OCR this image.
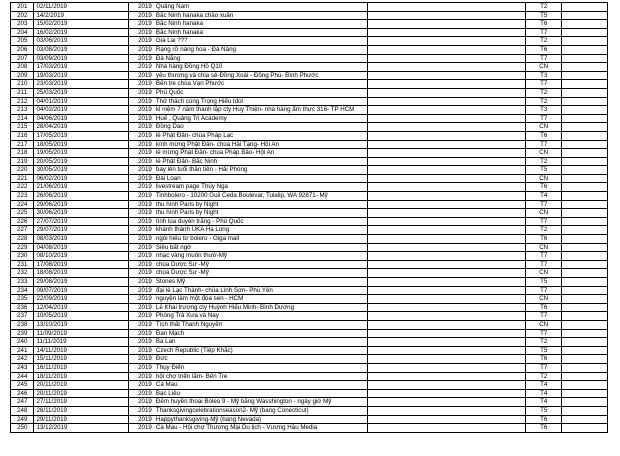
201	02/11/2019	2019	Quảng Nam		T2	
202	14/2/2019	2019	Bắc Ninh hanaka chào xuân		T5	
203	15/02/2019	2019	Bắc Ninh hanaka		T6	
204	16/02/2019	2019	Bắc Ninh hanaka		T7	
205	03/06/2019	2019	Gia Lai ???		T2	
206	03/08/2019	2019	Rạng rỡ nàng hoa - Đà Nẵng		T6	
207	03/09/2019	2019	Đà Nẵng		T7	
208	17/03/2019	2019	Nhà hàng Đồng Hồ Q10		CN	
209	19/03/2019	2019	yêu thương và chia sẻ-Đồng Xoài - Đồng Phú- Bình Phước		T3	
210	23/03/2019	2019	Bến tre chùa Vạn Phước		T7	
211	25/03/2019	2019	Phú Quốc		T2	
212	04/01/2019	2019	Thử thách cùng Trọng Hiếu Idol		T2	
213	04/02/2019	2019	kỉ niệm 7 năm thành lập cty Huy Thiện- nhà hàng ẩm thực 316- TP HCM		T3	
214	04/06/2019	2019	Huế , Quảng Trị Academy		T7	
215	28/04/2019	2019	Đồng Dao		CN	
216	17/05/2019	2019	lễ Phật Đản- chùa Pháp Lạc		T6	
217	18/05/2019	2019	kính mừng Phật Đản- chùa Hải Tạng- Hội An		T7	
218	19/05/2019	2019	lễ mừng Phật Đản- chùa Pháp Bảo- Hội An		CN	
219	20/05/2019	2019	lễ Phật Đản- Bắc Ninh		T2	
220	30/05/2019	2019	bay lên tuổi thần tiên - Hải Phòng		T5	
221	06/02/2019	2019	Đài Loan		CN	
222	21/06/2019	2019	livestream page Thúy Nga		T6	
223	26/06/2019	2019	Tinhbolero - 10200 Guil Ceda Boulevar, Tulalip, WA 92871- Mỹ		T4	
224	29/06/2019	2019	thu hình Paris by Night		T7	
225	30/06/2019	2019	thu hình Paris by Night		CN	
226	27/07/2019	2019	tình lúa duyên trăng - Phú Quốc		T7	
227	29/07/2019	2019	khánh thành UKA Hạ Long		T2	
228	08/03/2019	2019	ngôi hiếu từ bolero - Giga mall		T6	
229	04/08/2019	2019	Siêu bất ngờ		CN	
230	08/10/2019	2019	nhạc vàng muôn thưở-Mỹ		T7	
231	17/08/2019	2019	chùa Dược Sư -Mỹ		T7	
232	18/08/2019	2019	chùa Dược Sư -Mỹ		CN	
233	29/08/2019	2019	Stones Mỹ		T5	
234	09/07/2019	2019	đại lễ Lạc Thành- chùa Linh Sơn- Phù Yên		T7	
235	22/09/2019	2019	nguyện làm một đóa sen - HCM		CN	
236	12/04/2019	2019	Lễ Khai trương cty Huỳnh Hiếu Minh- Bình Dương		T6	
237	10/05/2019	2019	Phòng Trà Xưa và Nay		T7	
238	13/10/2019	2019	Tích thất Thanh Nguyên		CN	
239	11/09/2019	2019	Đan Mạch		T7	
240	11/11/2019	2019	Ba Lan		T2	
241	14/11/2019	2019	Czech Republic (Tiệp Khắc)		T5	
242	15/11/2019	2019	Đức		T6	
243	16/11/2019	2019	Thụy Điển		T7	
244	18/11/2019	2019	hội chợ triển lãm- Bến Tre		T2	
245	20/11/2019	2019	Cà Mau		T4	
246	20/11/2019	2019	Bạc Liêu		T4	
247	27/11/2019	2019	Đêm huyền thoại Boleo 9 - Mỹ băng Wasshington - ngày giờ Mỹ		T4	
248	28/11/2019	2019	Thanksgivingcelebrationseason2- Mỹ (bang Conecticut)		T5	
249	29/11/2019	2019	Happythanksgiving-Mỹ (bang Nevada)		T6	
250	13/12/2019	2019	Cà Mau - Hội chợ Thương Mại Du lịch - Vương Hậu Media		T6	
